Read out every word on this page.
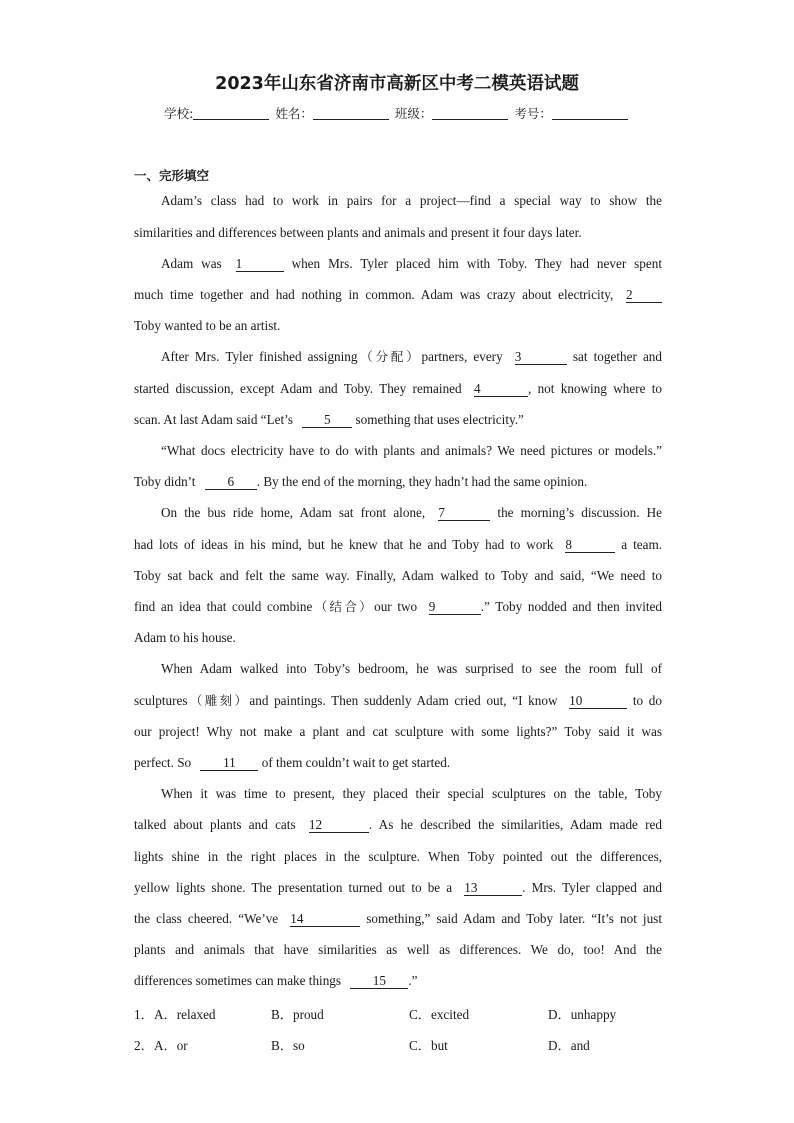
2023年山东省济南市高新区中考二模英语试题
学校:	姓名：	班级：	考号：
一、完形填空
Adam’s class had to work in pairs for a project—find a special way to show the
similarities and differences between plants and animals and present it four days later.
Adam was 1	when Mrs. Tyler placed him with Toby. They had never spent
much time together and had nothing in common. Adam was crazy about electricity, 2
Toby wanted to be an artist.
After Mrs. Tyler finished assigning（分配）partners, every 3	sat together and
started discussion, except Adam and Toby. They remained 4	, not knowing where to
scan. At last Adam said “Let’s 5 something that uses electricity.”
“What docs electricity have to do with plants and animals? We need pictures or models.”
Toby didn’t 6 . By the end of the morning, they hadn’t had the same opinion.
On the bus ride home, Adam sat front alone, 7	the morning’s discussion. He
had lots of ideas in his mind, but he knew that he and Toby had to work 8	a team.
Toby sat back and felt the same way. Finally, Adam walked to Toby and said, “We need to
find an idea that could combine（结合）our two 9	.” Toby nodded and then invited
Adam to his house.
When Adam walked into Toby’s bedroom, he was surprised to see the room full of
sculptures（雕刻）and paintings. Then suddenly Adam cried out, “I know 10	to do
our project! Why not make a plant and cat sculpture with some lights?” Toby said it was
perfect. So 11 of them couldn’t wait to get started.
When it was time to present, they placed their special sculptures on the table, Toby
talked about plants and cats 12	. As he described the similarities, Adam made red
lights shine in the right places in the sculpture. When Toby pointed out the differences,
yellow lights shone. The presentation turned out to be a 13	. Mrs. Tyler clapped and
the class cheered. “We’ve 14	something,” said Adam and Toby later. “It’s not just
plants and animals that have similarities as well as differences. We do, too! And the
differences sometimes can make things 15 .”
1． A．relaxed	B．proud	C．excited	D．unhappy
2． A．or	B．so	C．but	D．and
